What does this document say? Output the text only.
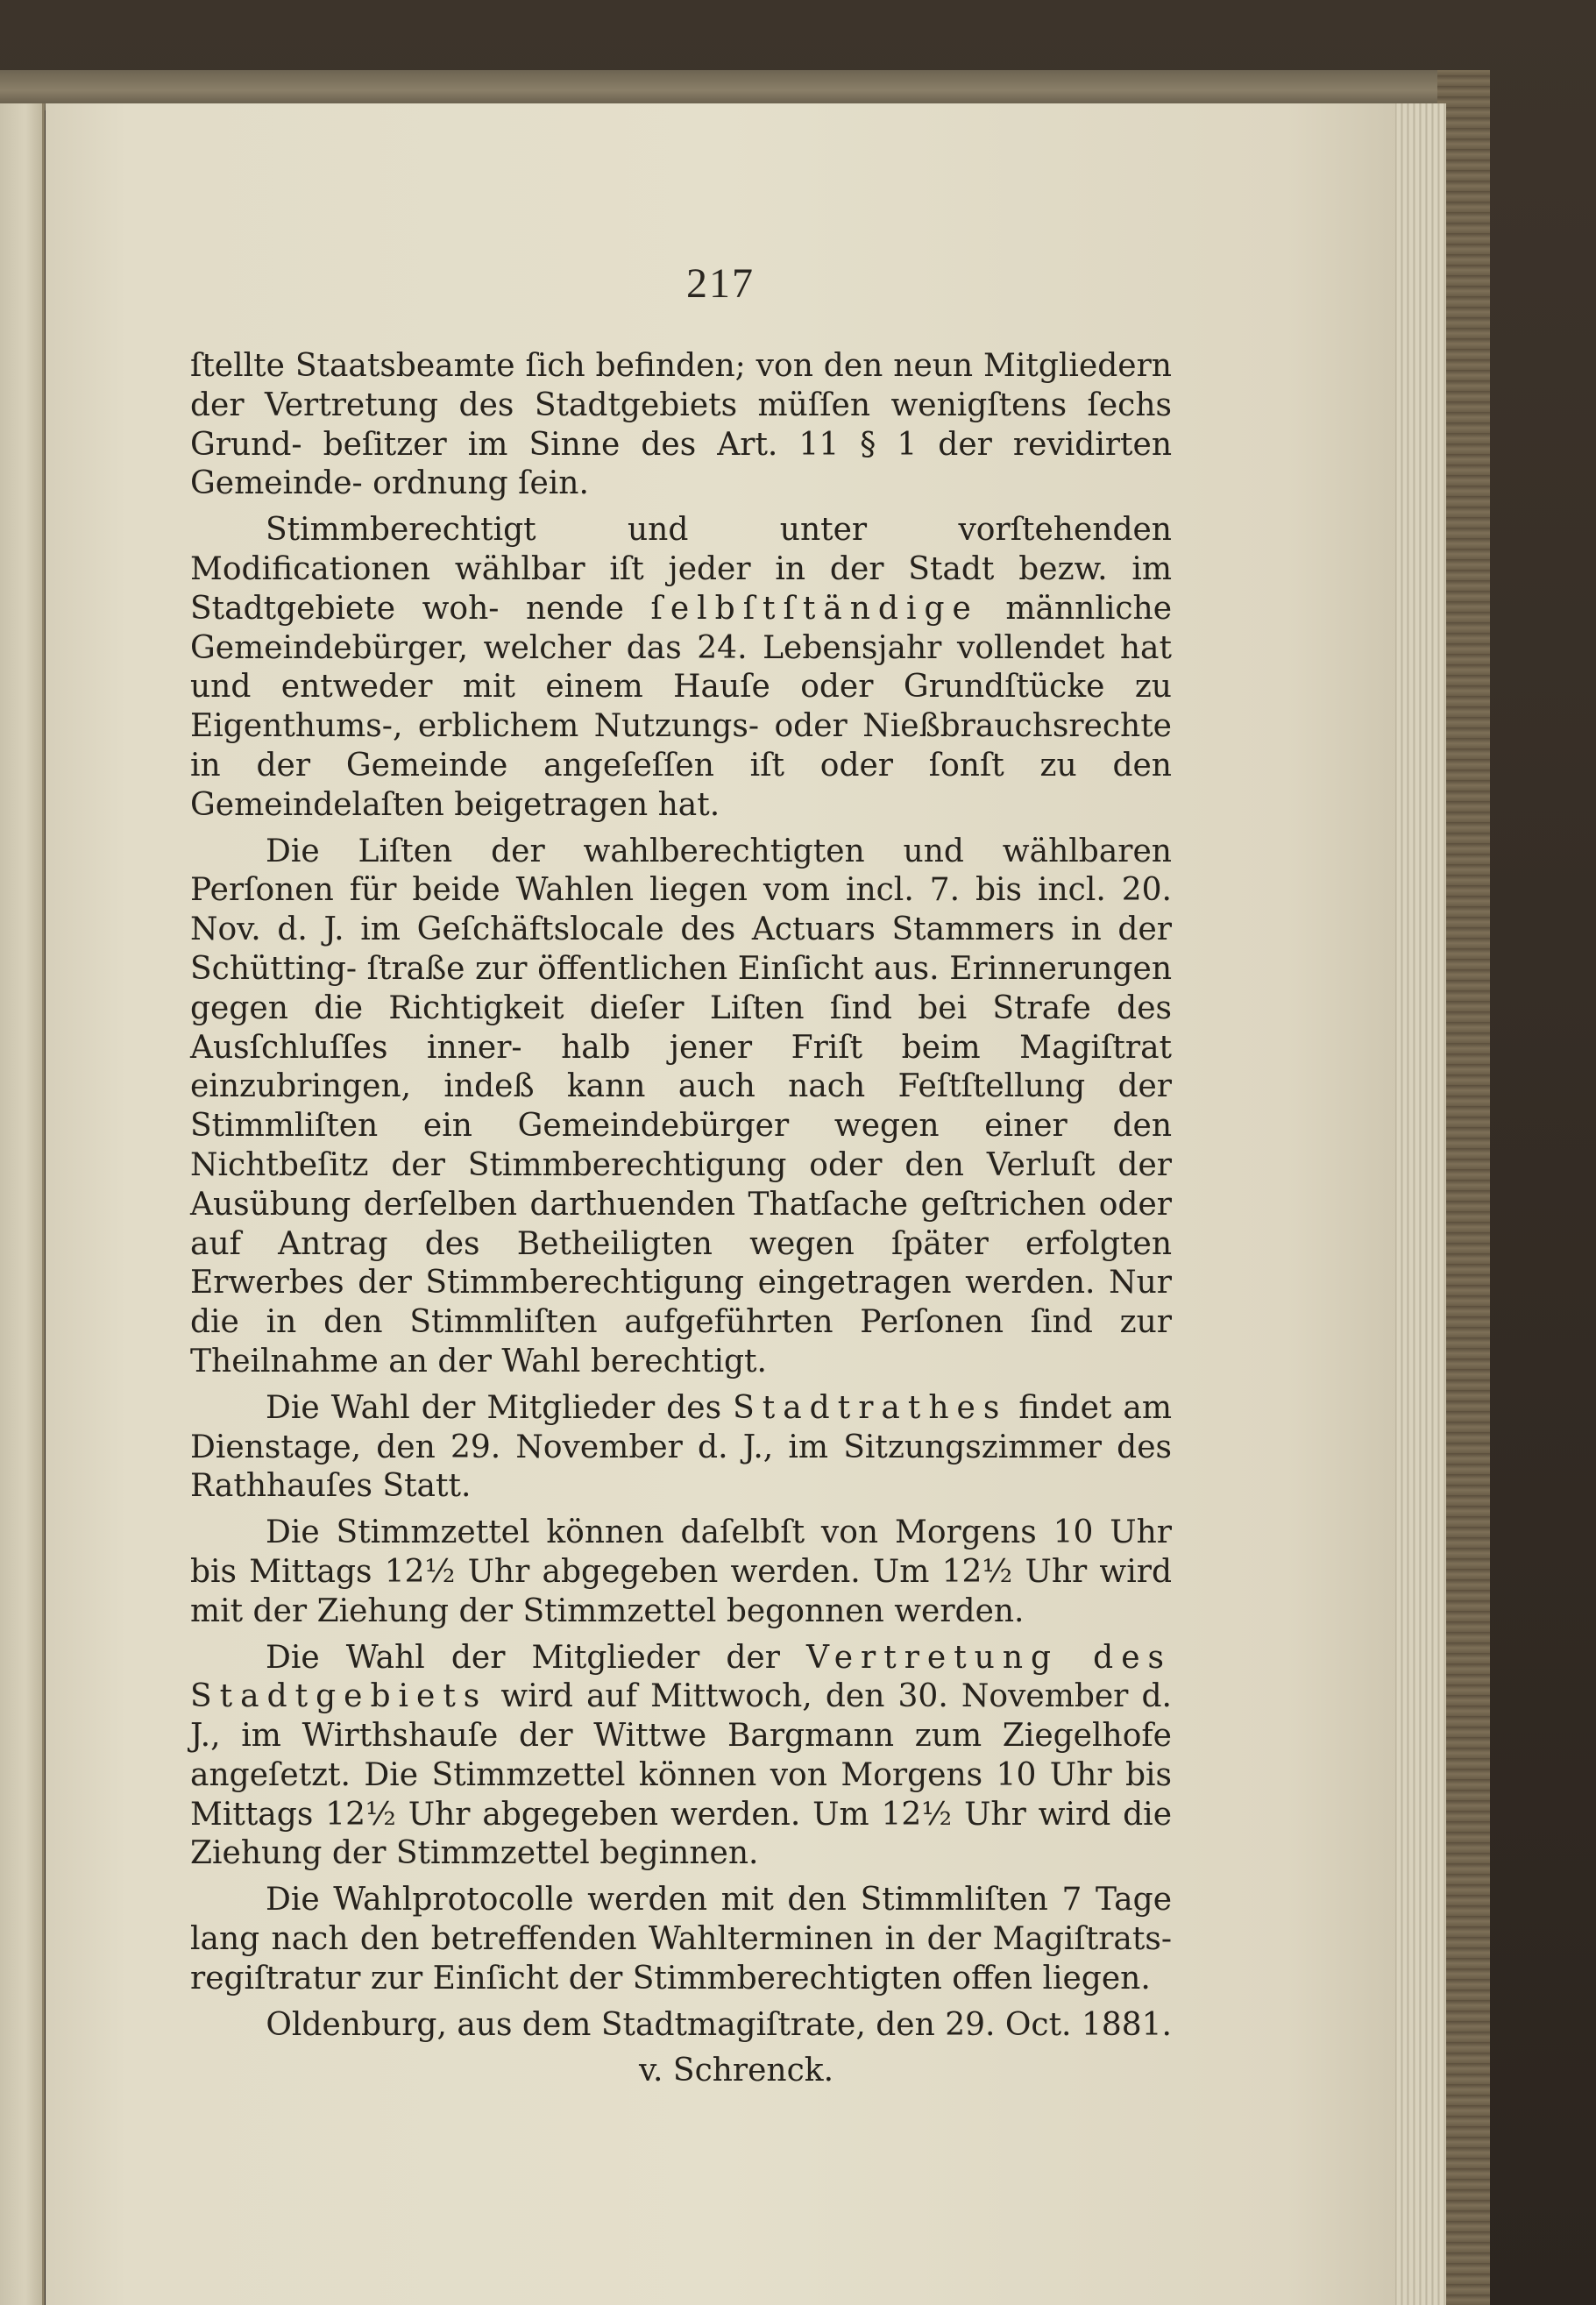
217

ſtellte Staatsbeamte ſich befinden; von den neun Mitgliedern der Vertretung des Stadtgebiets müſſen wenigſtens ſechs Grund- beſitzer im Sinne des Art. 11 § 1 der revidirten Gemeinde- ordnung ſein.

Stimmberechtigt und unter vorſtehenden Modificationen wählbar iſt jeder in der Stadt bezw. im Stadtgebiete woh- nende ſelbſtſtändige männliche Gemeindebürger, welcher das 24. Lebensjahr vollendet hat und entweder mit einem Hauſe oder Grundſtücke zu Eigenthums-, erblichem Nutzungs- oder Nießbrauchsrechte in der Gemeinde angeſeſſen iſt oder ſonſt zu den Gemeindelaſten beigetragen hat.

Die Liſten der wahlberechtigten und wählbaren Perſonen für beide Wahlen liegen vom incl. 7. bis incl. 20. Nov. d. J. im Geſchäftslocale des Actuars Stammers in der Schütting- ſtraße zur öffentlichen Einſicht aus. Erinnerungen gegen die Richtigkeit dieſer Liſten ſind bei Strafe des Ausſchluſſes inner- halb jener Friſt beim Magiſtrat einzubringen, indeß kann auch nach Feſtſtellung der Stimmliſten ein Gemeindebürger wegen einer den Nichtbeſitz der Stimmberechtigung oder den Verluſt der Ausübung derſelben darthuenden Thatſache geſtrichen oder auf Antrag des Betheiligten wegen ſpäter erfolgten Erwerbes der Stimmberechtigung eingetragen werden. Nur die in den Stimmliſten aufgeführten Perſonen ſind zur Theilnahme an der Wahl berechtigt.

Die Wahl der Mitglieder des Stadtrathes findet am Dienstage, den 29. November d. J., im Sitzungszimmer des Rathhauſes Statt.

Die Stimmzettel können daſelbſt von Morgens 10 Uhr bis Mittags 12½ Uhr abgegeben werden. Um 12½ Uhr wird mit der Ziehung der Stimmzettel begonnen werden.

Die Wahl der Mitglieder der Vertretung des Stadtgebiets wird auf Mittwoch, den 30. November d. J., im Wirthshauſe der Wittwe Bargmann zum Ziegelhofe angeſetzt. Die Stimmzettel können von Morgens 10 Uhr bis Mittags 12½ Uhr abgegeben werden. Um 12½ Uhr wird die Ziehung der Stimmzettel beginnen.

Die Wahlprotocolle werden mit den Stimmliſten 7 Tage lang nach den betreffenden Wahlterminen in der Magiſtrats- regiſtratur zur Einſicht der Stimmberechtigten offen liegen.

Oldenburg, aus dem Stadtmagiſtrate, den 29. Oct. 1881.

v. Schrenck.
